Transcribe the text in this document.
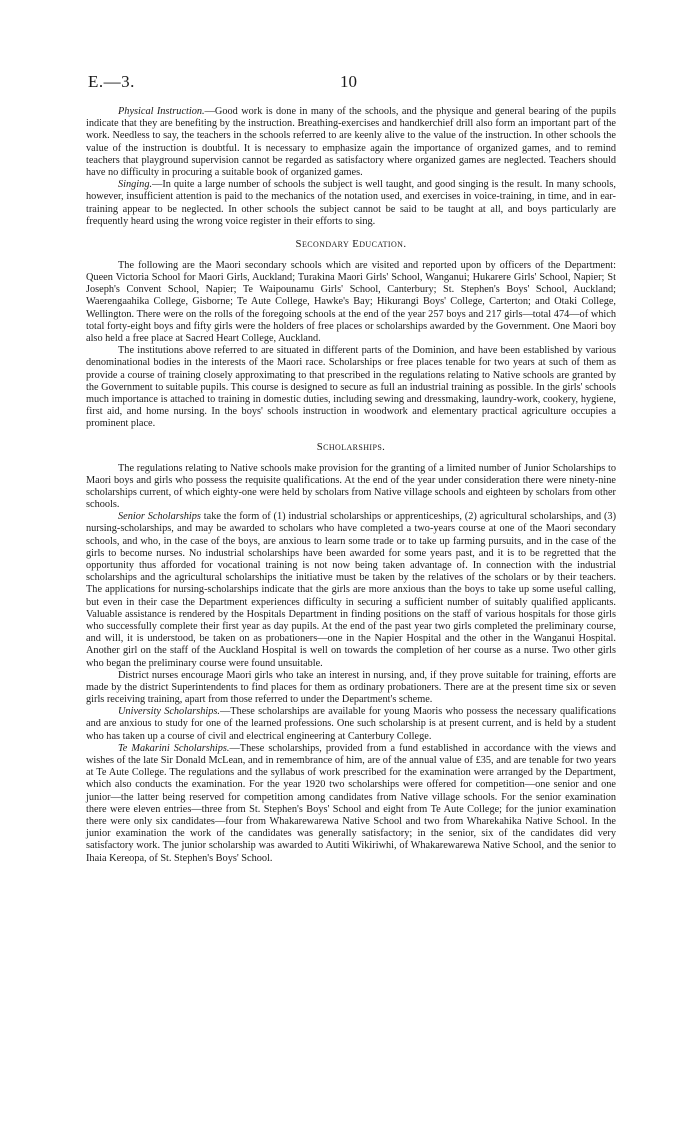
E.—3.	10

Physical Instruction.—Good work is done in many of the schools, and the physique and general bearing of the pupils indicate that they are benefiting by the instruction. Breathing-exercises and handkerchief drill also form an important part of the work. Needless to say, the teachers in the schools referred to are keenly alive to the value of the instruction. In other schools the value of the instruction is doubtful. It is necessary to emphasize again the importance of organized games, and to remind teachers that playground supervision cannot be regarded as satisfactory where organized games are neglected. Teachers should have no difficulty in procuring a suitable book of organized games.

Singing.—In quite a large number of schools the subject is well taught, and good singing is the result. In many schools, however, insufficient attention is paid to the mechanics of the notation used, and exercises in voice-training, in time, and in ear-training appear to be neglected. In other schools the subject cannot be said to be taught at all, and boys particularly are frequently heard using the wrong voice register in their efforts to sing.

Secondary Education.

The following are the Maori secondary schools which are visited and reported upon by officers of the Department: Queen Victoria School for Maori Girls, Auckland; Turakina Maori Girls' School, Wanganui; Hukarere Girls' School, Napier; St Joseph's Convent School, Napier; Te Waipounamu Girls' School, Canterbury; St. Stephen's Boys' School, Auckland; Waerengaahika College, Gisborne; Te Aute College, Hawke's Bay; Hikurangi Boys' College, Carterton; and Otaki College, Wellington. There were on the rolls of the foregoing schools at the end of the year 257 boys and 217 girls—total 474—of which total forty-eight boys and fifty girls were the holders of free places or scholarships awarded by the Government. One Maori boy also held a free place at Sacred Heart College, Auckland.

The institutions above referred to are situated in different parts of the Dominion, and have been established by various denominational bodies in the interests of the Maori race. Scholarships or free places tenable for two years at such of them as provide a course of training closely approximating to that prescribed in the regulations relating to Native schools are granted by the Government to suitable pupils. This course is designed to secure as full an industrial training as possible. In the girls' schools much importance is attached to training in domestic duties, including sewing and dressmaking, laundry-work, cookery, hygiene, first aid, and home nursing. In the boys' schools instruction in woodwork and elementary practical agriculture occupies a prominent place.

Scholarships.

The regulations relating to Native schools make provision for the granting of a limited number of Junior Scholarships to Maori boys and girls who possess the requisite qualifications. At the end of the year under consideration there were ninety-nine scholarships current, of which eighty-one were held by scholars from Native village schools and eighteen by scholars from other schools.

Senior Scholarships take the form of (1) industrial scholarships or apprenticeships, (2) agricultural scholarships, and (3) nursing-scholarships, and may be awarded to scholars who have completed a two-years course at one of the Maori secondary schools, and who, in the case of the boys, are anxious to learn some trade or to take up farming pursuits, and in the case of the girls to become nurses. No industrial scholarships have been awarded for some years past, and it is to be regretted that the opportunity thus afforded for vocational training is not now being taken advantage of. In connection with the industrial scholarships and the agricultural scholarships the initiative must be taken by the relatives of the scholars or by their teachers. The applications for nursing-scholarships indicate that the girls are more anxious than the boys to take up some useful calling, but even in their case the Department experiences difficulty in securing a sufficient number of suitably qualified applicants. Valuable assistance is rendered by the Hospitals Department in finding positions on the staff of various hospitals for those girls who successfully complete their first year as day pupils. At the end of the past year two girls completed the preliminary course, and will, it is understood, be taken on as probationers—one in the Napier Hospital and the other in the Wanganui Hospital. Another girl on the staff of the Auckland Hospital is well on towards the completion of her course as a nurse. Two other girls who began the preliminary course were found unsuitable.

District nurses encourage Maori girls who take an interest in nursing, and, if they prove suitable for training, efforts are made by the district Superintendents to find places for them as ordinary probationers. There are at the present time six or seven girls receiving training, apart from those referred to under the Department's scheme.

University Scholarships.—These scholarships are available for young Maoris who possess the necessary qualifications and are anxious to study for one of the learned professions. One such scholarship is at present current, and is held by a student who has taken up a course of civil and electrical engineering at Canterbury College.

Te Makarini Scholarships.—These scholarships, provided from a fund established in accordance with the views and wishes of the late Sir Donald McLean, and in remembrance of him, are of the annual value of £35, and are tenable for two years at Te Aute College. The regulations and the syllabus of work prescribed for the examination were arranged by the Department, which also conducts the examination. For the year 1920 two scholarships were offered for competition—one senior and one junior—the latter being reserved for competition among candidates from Native village schools. For the senior examination there were eleven entries—three from St. Stephen's Boys' School and eight from Te Aute College; for the junior examination there were only six candidates—four from Whakarewarewa Native School and two from Wharekahika Native School. In the junior examination the work of the candidates was generally satisfactory; in the senior, six of the candidates did very satisfactory work. The junior scholarship was awarded to Autiti Wikiriwhi, of Whakarewarewa Native School, and the senior to Ihaia Kereopa, of St. Stephen's Boys' School.
